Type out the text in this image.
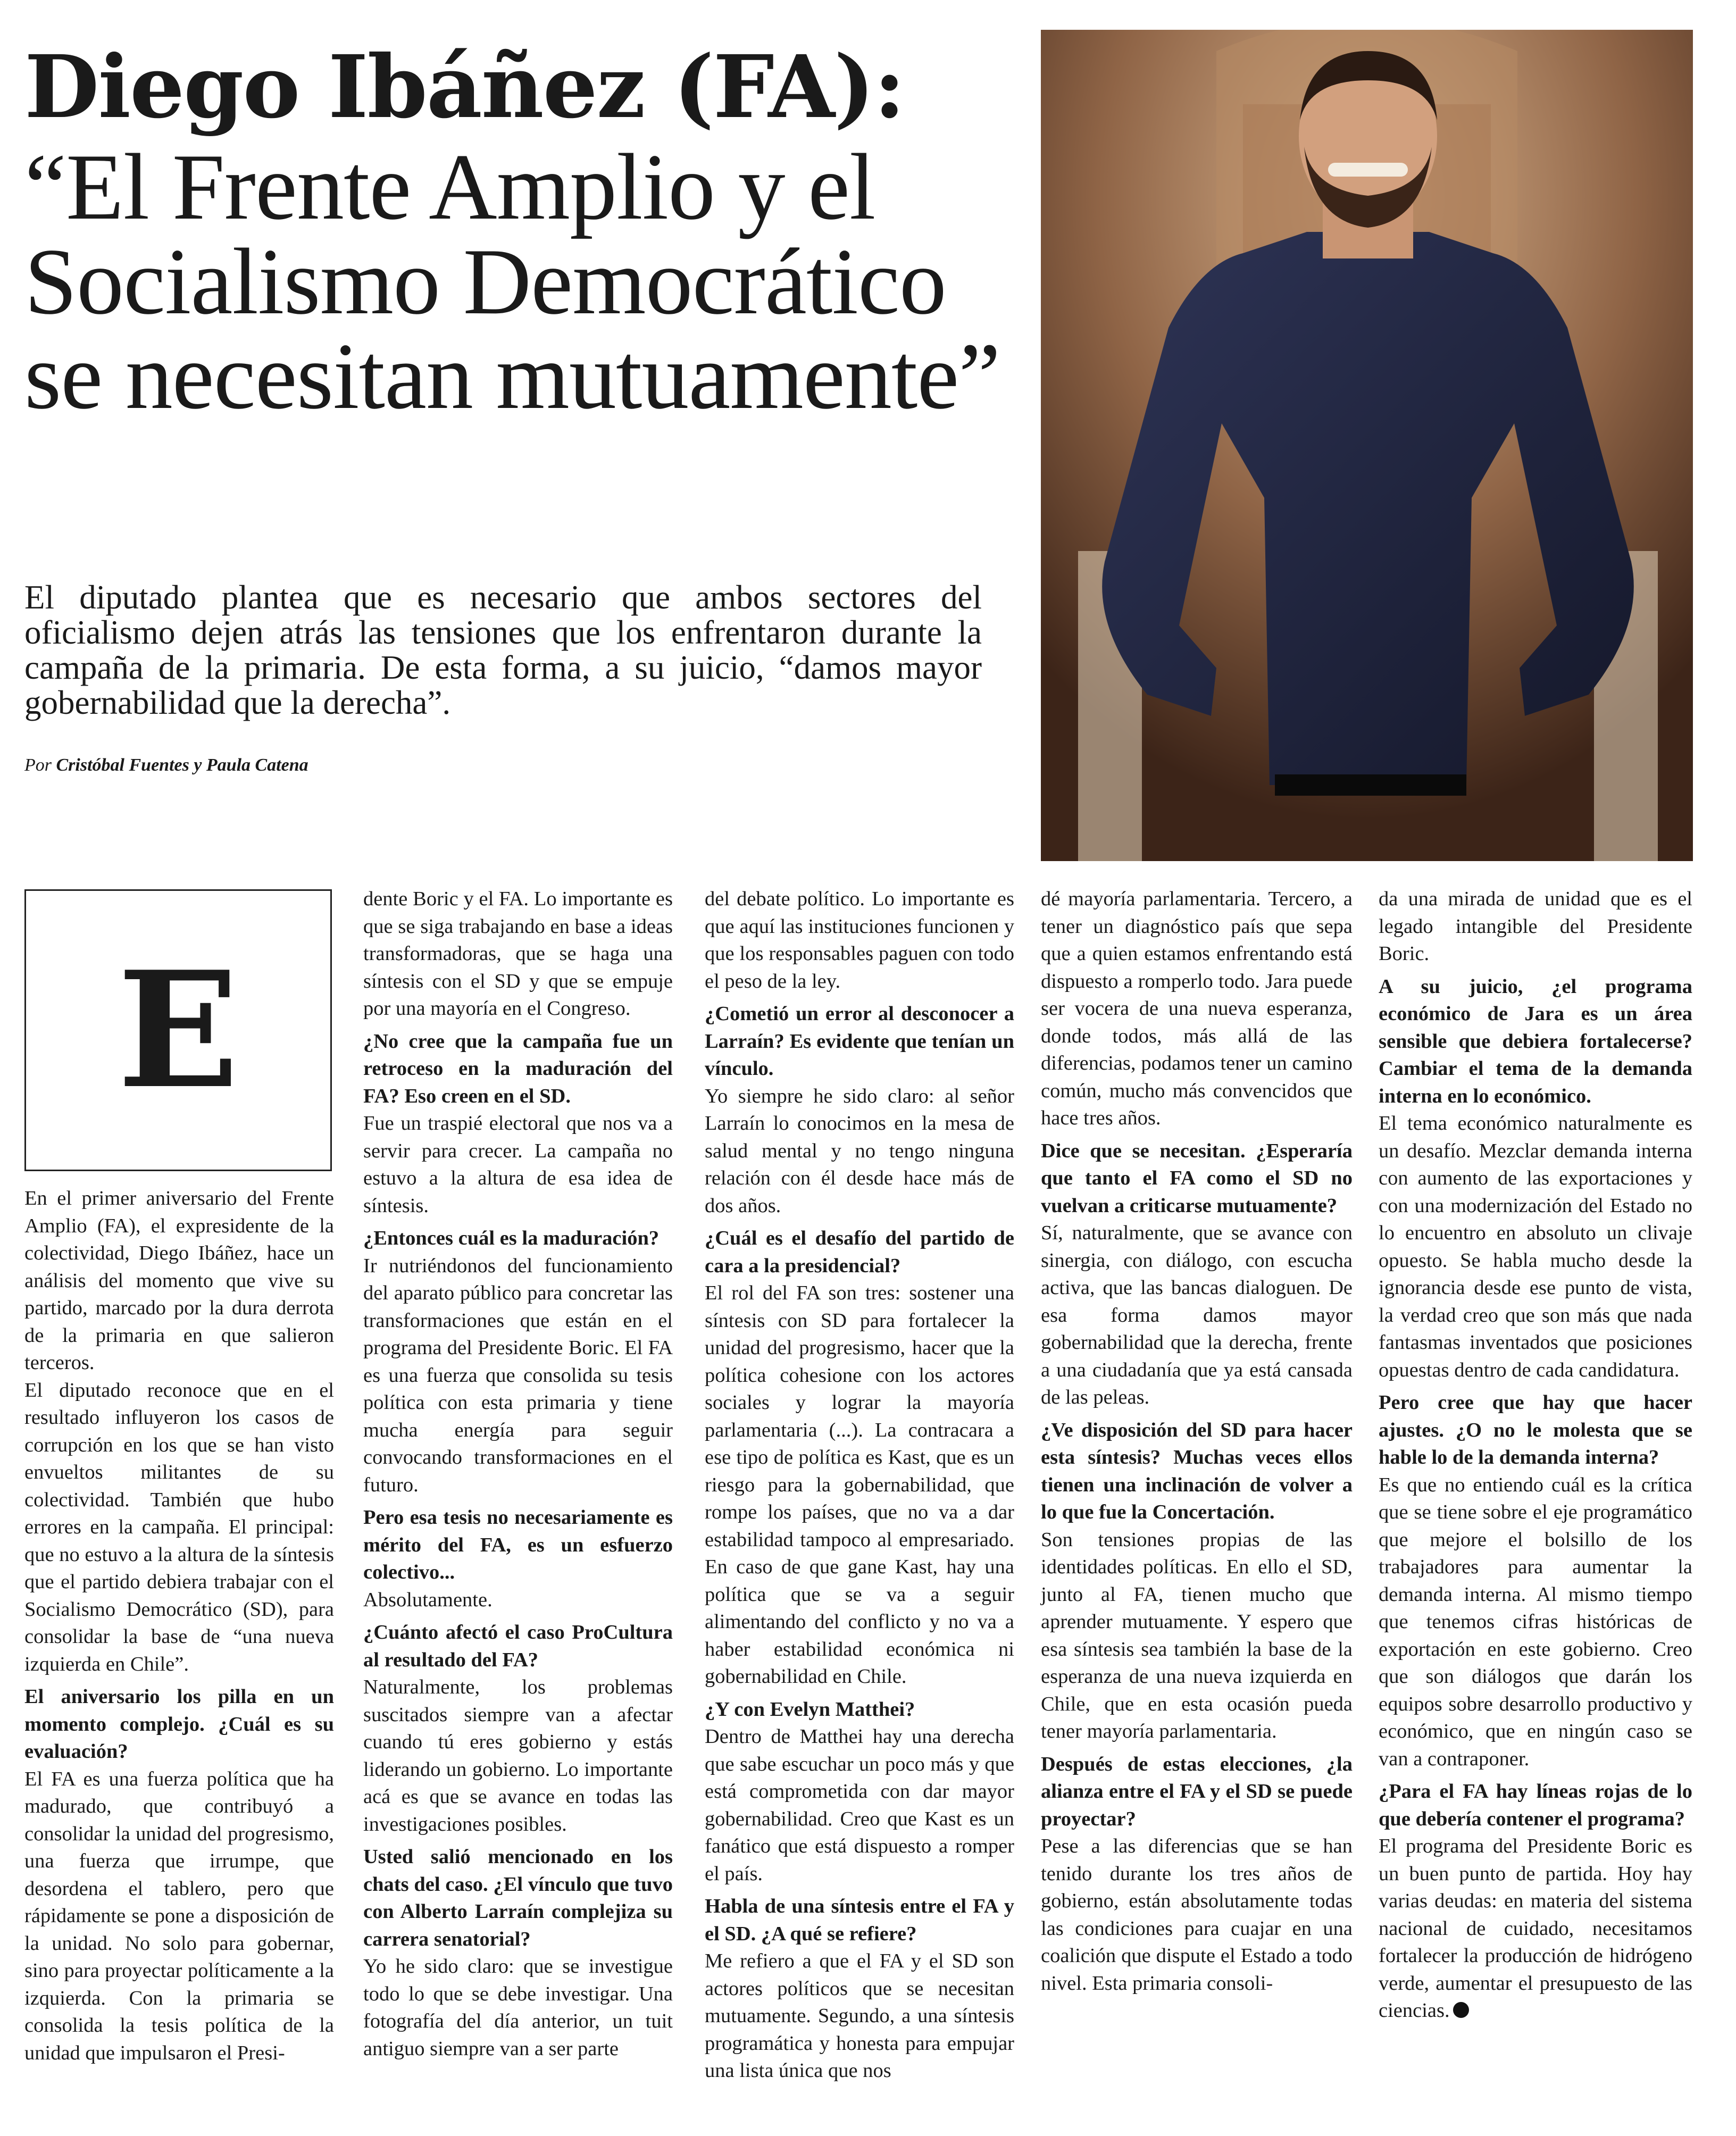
Diego Ibáñez (FA):
“El Frente Amplio y el Socialismo Democrático se necesitan mutuamente”

El diputado plantea que es necesario que ambos sectores del oficialismo dejen atrás las tensiones que los enfrentaron durante la campaña de la primaria. De esta forma, a su juicio, “damos mayor gobernabilidad que la derecha”.

Por Cristóbal Fuentes y Paula Catena

E

En el primer aniversario del Frente Amplio (FA), el expresidente de la colectividad, Diego Ibáñez, hace un análisis del momento que vive su partido, marcado por la dura derrota de la primaria en que salieron terceros.

El diputado reconoce que en el resultado influyeron los casos de corrupción en los que se han visto envueltos militantes de su colectividad. También que hubo errores en la campaña. El principal: que no estuvo a la altura de la síntesis que el partido debiera trabajar con el Socialismo Democrático (SD), para consolidar la base de “una nueva izquierda en Chile”.

El aniversario los pilla en un momento complejo. ¿Cuál es su evaluación?

El FA es una fuerza política que ha madurado, que contribuyó a consolidar la unidad del progresismo, una fuerza que irrumpe, que desordena el tablero, pero que rápidamente se pone a disposición de la unidad. No solo para gobernar, sino para proyectar políticamente a la izquierda. Con la primaria se consolida la tesis política de la unidad que impulsaron el Presi-

dente Boric y el FA. Lo importante es que se siga trabajando en base a ideas transformadoras, que se haga una síntesis con el SD y que se empuje por una mayoría en el Congreso.

¿No cree que la campaña fue un retroceso en la maduración del FA? Eso creen en el SD.

Fue un traspié electoral que nos va a servir para crecer. La campaña no estuvo a la altura de esa idea de síntesis.

¿Entonces cuál es la maduración?

Ir nutriéndonos del funcionamiento del aparato público para concretar las transformaciones que están en el programa del Presidente Boric. El FA es una fuerza que consolida su tesis política con esta primaria y tiene mucha energía para seguir convocando transformaciones en el futuro.

Pero esa tesis no necesariamente es mérito del FA, es un esfuerzo colectivo...

Absolutamente.

¿Cuánto afectó el caso ProCultura al resultado del FA?

Naturalmente, los problemas suscitados siempre van a afectar cuando tú eres gobierno y estás liderando un gobierno. Lo importante acá es que se avance en todas las investigaciones posibles.

Usted salió mencionado en los chats del caso. ¿El vínculo que tuvo con Alberto Larraín complejiza su carrera senatorial?

Yo he sido claro: que se investigue todo lo que se debe investigar. Una fotografía del día anterior, un tuit antiguo siempre van a ser parte

del debate político. Lo importante es que aquí las instituciones funcionen y que los responsables paguen con todo el peso de la ley.

¿Cometió un error al desconocer a Larraín? Es evidente que tenían un vínculo.

Yo siempre he sido claro: al señor Larraín lo conocimos en la mesa de salud mental y no tengo ninguna relación con él desde hace más de dos años.

¿Cuál es el desafío del partido de cara a la presidencial?

El rol del FA son tres: sostener una síntesis con SD para fortalecer la unidad del progresismo, hacer que la política cohesione con los actores sociales y lograr la mayoría parlamentaria (...). La contracara a ese tipo de política es Kast, que es un riesgo para la gobernabilidad, que rompe los países, que no va a dar estabilidad tampoco al empresariado. En caso de que gane Kast, hay una política que se va a seguir alimentando del conflicto y no va a haber estabilidad económica ni gobernabilidad en Chile.

¿Y con Evelyn Matthei?

Dentro de Matthei hay una derecha que sabe escuchar un poco más y que está comprometida con dar mayor gobernabilidad. Creo que Kast es un fanático que está dispuesto a romper el país.

Habla de una síntesis entre el FA y el SD. ¿A qué se refiere?

Me refiero a que el FA y el SD son actores políticos que se necesitan mutuamente. Segundo, a una síntesis programática y honesta para empujar una lista única que nos

dé mayoría parlamentaria. Tercero, a tener un diagnóstico país que sepa que a quien estamos enfrentando está dispuesto a romperlo todo. Jara puede ser vocera de una nueva esperanza, donde todos, más allá de las diferencias, podamos tener un camino común, mucho más convencidos que hace tres años.

Dice que se necesitan. ¿Esperaría que tanto el FA como el SD no vuelvan a criticarse mutuamente?

Sí, naturalmente, que se avance con sinergia, con diálogo, con escucha activa, que las bancas dialoguen. De esa forma damos mayor gobernabilidad que la derecha, frente a una ciudadanía que ya está cansada de las peleas.

¿Ve disposición del SD para hacer esta síntesis? Muchas veces ellos tienen una inclinación de volver a lo que fue la Concertación.

Son tensiones propias de las identidades políticas. En ello el SD, junto al FA, tienen mucho que aprender mutuamente. Y espero que esa síntesis sea también la base de la esperanza de una nueva izquierda en Chile, que en esta ocasión pueda tener mayoría parlamentaria.

Después de estas elecciones, ¿la alianza entre el FA y el SD se puede proyectar?

Pese a las diferencias que se han tenido durante los tres años de gobierno, están absolutamente todas las condiciones para cuajar en una coalición que dispute el Estado a todo nivel. Esta primaria consoli-

da una mirada de unidad que es el legado intangible del Presidente Boric.

A su juicio, ¿el programa económico de Jara es un área sensible que debiera fortalecerse? Cambiar el tema de la demanda interna en lo económico.

El tema económico naturalmente es un desafío. Mezclar demanda interna con aumento de las exportaciones y con una modernización del Estado no lo encuentro en absoluto un clivaje opuesto. Se habla mucho desde la ignorancia desde ese punto de vista, la verdad creo que son más que nada fantasmas inventados que posiciones opuestas dentro de cada candidatura.

Pero cree que hay que hacer ajustes. ¿O no le molesta que se hable lo de la demanda interna?

Es que no entiendo cuál es la crítica que se tiene sobre el eje programático que mejore el bolsillo de los trabajadores para aumentar la demanda interna. Al mismo tiempo que tenemos cifras históricas de exportación en este gobierno. Creo que son diálogos que darán los equipos sobre desarrollo productivo y económico, que en ningún caso se van a contraponer.

¿Para el FA hay líneas rojas de lo que debería contener el programa?

El programa del Presidente Boric es un buen punto de partida. Hoy hay varias deudas: en materia del sistema nacional de cuidado, necesitamos fortalecer la producción de hidrógeno verde, aumentar el presupuesto de las ciencias.
